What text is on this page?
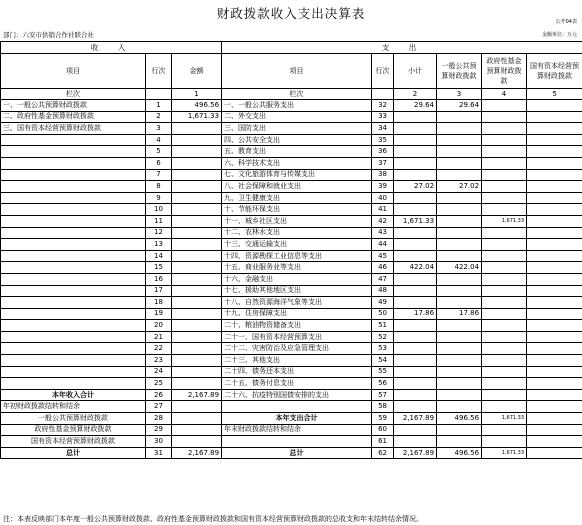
财政拨款收入支出决算表
公开04表
部门：六安市供销合作社联合社	金额单位：万元
收　入			支　出					
项目	行次	金额	项目	行次	小计	一般公共预算财政拨款	政府性基金预算财政拨款	国有资本经营预算财政拨款
栏次		1	栏次		2	3	4	5
一、一般公共预算财政拨款	1	496.56	一、一般公共服务支出	32	29.64	29.64		
二、政府性基金预算财政拨款	2	1,671.33	二、外交支出	33				
三、国有资本经营预算财政拨款	3		三、国防支出	34				
	4		四、公共安全支出	35				
	5		五、教育支出	36				
	6		六、科学技术支出	37				
	7		七、文化旅游体育与传媒支出	38				
	8		八、社会保障和就业支出	39	27.02	27.02		
	9		九、卫生健康支出	40				
	10		十、节能环保支出	41				
	11		十一、城乡社区支出	42	1,671.33		1,671.33	
	12		十二、农林水支出	43				
	13		十三、交通运输支出	44				
	14		十四、资源勘探工业信息等支出	45				
	15		十五、商业服务业等支出	46	422.04	422.04		
	16		十六、金融支出	47				
	17		十七、援助其他地区支出	48				
	18		十八、自然资源海洋气象等支出	49				
	19		十九、住房保障支出	50	17.86	17.86		
	20		二十、粮油物资储备支出	51				
	21		二十一、国有资本经营预算支出	52				
	22		二十二、灾害防治及应急管理支出	53				
	23		二十三、其他支出	54				
	24		二十四、债务还本支出	55				
	25		二十五、债务付息支出	56				
本年收入合计	26	2,167.89	二十六、抗疫特别国债安排的支出	57				
年初财政拨款结转和结余	27			58				
一般公共预算财政拨款	28		本年支出合计	59	2,167.89	496.56	1,671.33	
政府性基金预算财政拨款	29		年末财政拨款结转和结余	60				
国有资本经营预算财政拨款	30			61				
总计	31	2,167.89	总计	62	2,167.89	496.56	1,671.33	
注：本表反映部门本年度一般公共预算财政拨款、政府性基金预算财政拨款和国有资本经营预算财政拨款的总收支和年末结转结余情况。
